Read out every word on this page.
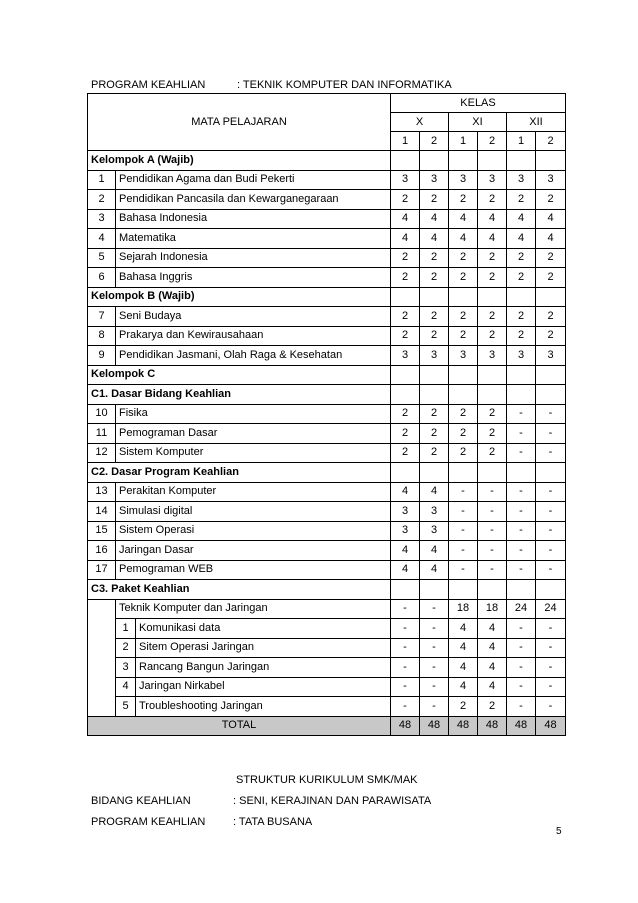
PROGRAM KEAHLIAN	: TEKNIK KOMPUTER DAN INFORMATIKA
MATA PELAJARAN			KELAS					
			X		XI		XII	
			1	2	1	2	1	2
Kelompok A (Wajib)								
1	Pendidikan Agama dan Budi Pekerti		3	3	3	3	3	3
2	Pendidikan Pancasila dan Kewarganegaraan		2	2	2	2	2	2
3	Bahasa Indonesia		4	4	4	4	4	4
4	Matematika		4	4	4	4	4	4
5	Sejarah Indonesia		2	2	2	2	2	2
6	Bahasa Inggris		2	2	2	2	2	2
Kelompok B (Wajib)								
7	Seni Budaya		2	2	2	2	2	2
8	Prakarya dan Kewirausahaan		2	2	2	2	2	2
9	Pendidikan Jasmani, Olah Raga & Kesehatan		3	3	3	3	3	3
Kelompok C								
C1. Dasar Bidang Keahlian								
10	Fisika		2	2	2	2	-	-
11	Pemograman Dasar		2	2	2	2	-	-
12	Sistem Komputer		2	2	2	2	-	-
C2. Dasar Program Keahlian								
13	Perakitan Komputer		4	4	-	-	-	-
14	Simulasi digital		3	3	-	-	-	-
15	Sistem Operasi		3	3	-	-	-	-
16	Jaringan Dasar		4	4	-	-	-	-
17	Pemograman WEB		4	4	-	-	-	-
C3. Paket Keahlian								
	Teknik Komputer dan Jaringan		-	-	18	18	24	24
	1	Komunikasi data	-	-	4	4	-	-
	2	Sitem Operasi Jaringan	-	-	4	4	-	-
	3	Rancang Bangun Jaringan	-	-	4	4	-	-
	4	Jaringan Nirkabel	-	-	4	4	-	-
	5	Troubleshooting Jaringan	-	-	2	2	-	-
TOTAL			48	48	48	48	48	48
STRUKTUR KURIKULUM SMK/MAK
BIDANG KEAHLIAN	: SENI, KERAJINAN DAN PARAWISATA
PROGRAM KEAHLIAN	: TATA BUSANA
5
